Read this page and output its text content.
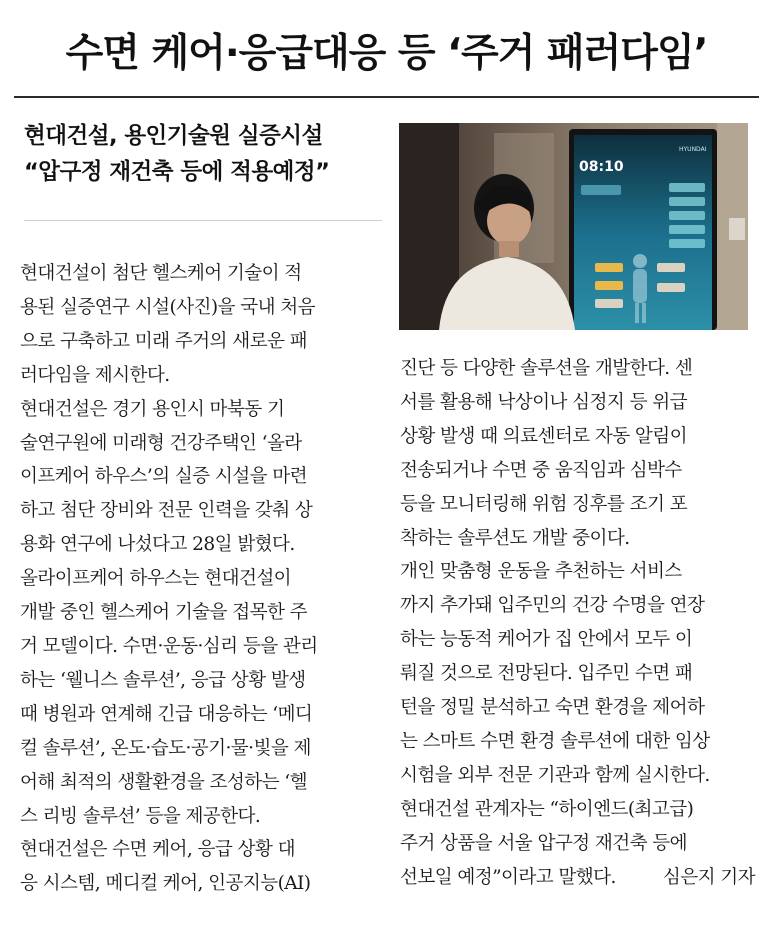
수면 케어·응급대응 등 ‘주거 패러다임’
현대건설, 용인기술원 실증시설
“압구정 재건축 등에 적용예정”	08:10
HYUNDAI
현대건설이 첨단 헬스케어 기술이 적
용된 실증연구 시설(사진)을 국내 처음
으로 구축하고 미래 주거의 새로운 패
러다임을 제시한다.
현대건설은 경기 용인시 마북동 기
술연구원에 미래형 건강주택인 ‘올라
이프케어 하우스’의 실증 시설을 마련
하고 첨단 장비와 전문 인력을 갖춰 상
용화 연구에 나섰다고 28일 밝혔다.
올라이프케어 하우스는 현대건설이
개발 중인 헬스케어 기술을 접목한 주
거 모델이다. 수면·운동·심리 등을 관리
하는 ‘웰니스 솔루션’, 응급 상황 발생
때 병원과 연계해 긴급 대응하는 ‘메디
컬 솔루션’, 온도·습도·공기·물·빛을 제
어해 최적의 생활환경을 조성하는 ‘헬
스 리빙 솔루션’ 등을 제공한다.
현대건설은 수면 케어, 응급 상황 대
응 시스템, 메디컬 케어, 인공지능(AI)
진단 등 다양한 솔루션을 개발한다. 센
서를 활용해 낙상이나 심정지 등 위급
상황 발생 때 의료센터로 자동 알림이
전송되거나 수면 중 움직임과 심박수
등을 모니터링해 위험 징후를 조기 포
착하는 솔루션도 개발 중이다.
개인 맞춤형 운동을 추천하는 서비스
까지 추가돼 입주민의 건강 수명을 연장
하는 능동적 케어가 집 안에서 모두 이
뤄질 것으로 전망된다. 입주민 수면 패
턴을 정밀 분석하고 숙면 환경을 제어하
는 스마트 수면 환경 솔루션에 대한 임상
시험을 외부 전문 기관과 함께 실시한다.
현대건설 관계자는 “하이엔드(최고급)
주거 상품을 서울 압구정 재건축 등에
선보일 예정”이라고 말했다.	심은지 기자
